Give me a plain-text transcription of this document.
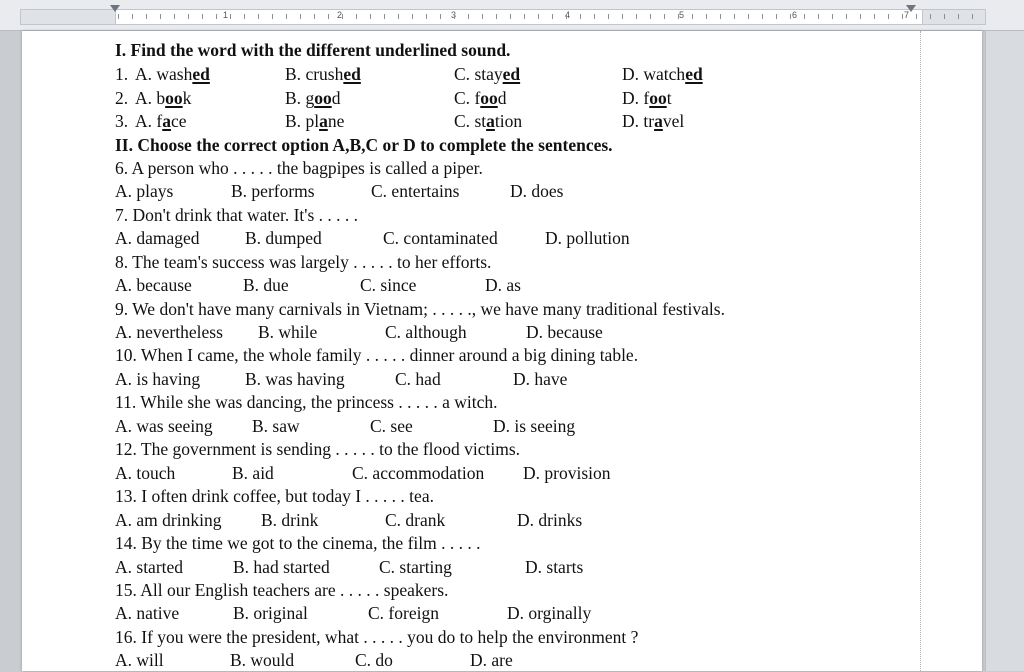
1	2	3	4	5	6	7
I. Find the word with the different underlined sound.
1. A. washed	B. crushed	C. stayed	D. watched
2. A. book	B. good	C. food	D. foot
3. A. face	B. plane	C. station	D. travel
II. Choose the correct option A,B,C or D to complete the sentences.
6. A person who . . . . . the bagpipes is called a piper.
A. plays	B. performs	C. entertains	D. does
7. Don't drink that water. It's . . . . .
A. damaged	B. dumped	C. contaminated	D. pollution
8. The team's success was largely . . . . . to her efforts.
A. because	B. due	C. since	D. as
9. We don't have many carnivals in Vietnam; . . . . ., we have many traditional festivals.
A. nevertheless B. while	C. although	D. because
10. When I came, the whole family . . . . . dinner around a big dining table.
A. is having	B. was having	C. had	D. have
11. While she was dancing, the princess . . . . . a witch.
A. was seeing B. saw	C. see	D. is seeing
12. The government is sending . . . . . to the flood victims.
A. touch	B. aid	C. accommodation D. provision
13. I often drink coffee, but today I . . . . . tea.
A. am drinking B. drink	C. drank	D. drinks
14. By the time we got to the cinema, the film . . . . .
A. started	B. had started	C. starting	D. starts
15. All our English teachers are . . . . . speakers.
A. native	B. original	C. foreign	D. orginally
16. If you were the president, what . . . . . you do to help the environment ?
A. will	B. would	C. do	D. are
